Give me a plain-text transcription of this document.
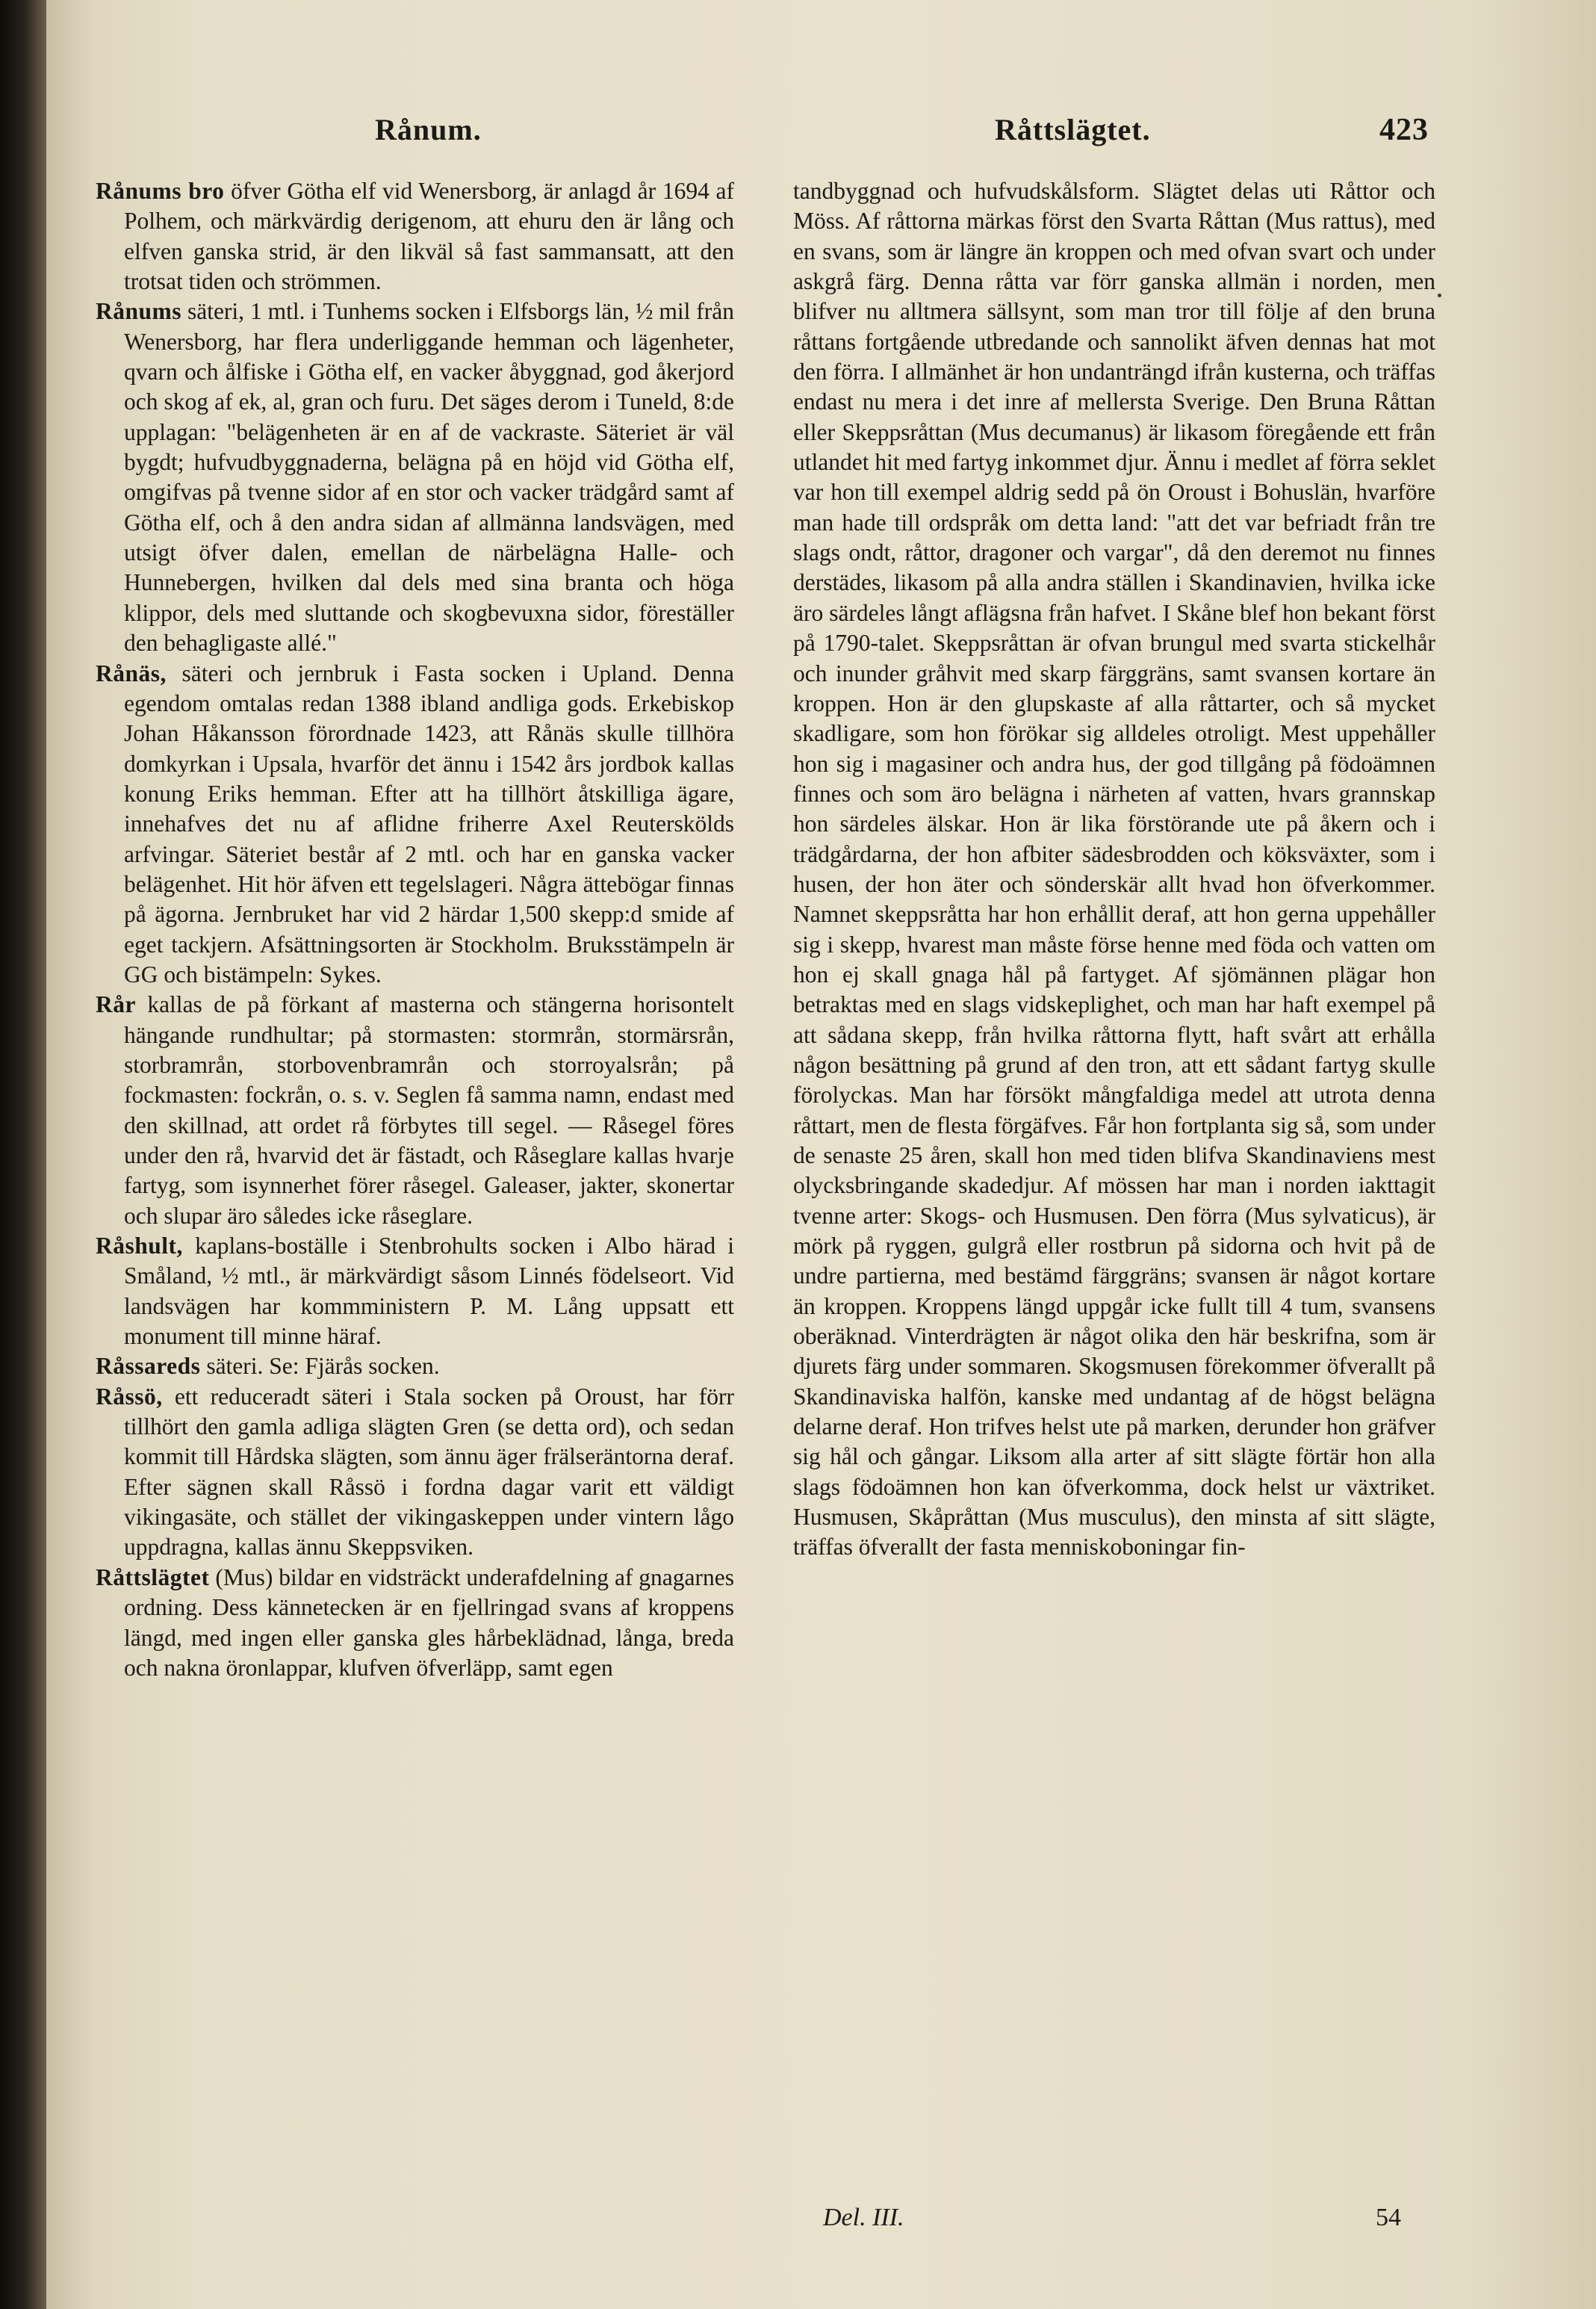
Rånum.	Råttslägtet.	423

Rånums bro öfver Götha elf vid Wenersborg, är anlagd år 1694 af Polhem, och märkvärdig derigenom, att ehuru den är lång och elfven ganska strid, är den likväl så fast sammansatt, att den trotsat tiden och strömmen.

Rånums säteri, 1 mtl. i Tunhems socken i Elfsborgs län, ½ mil från Wenersborg, har flera underliggande hemman och lägenheter, qvarn och ålfiske i Götha elf, en vacker åbyggnad, god åkerjord och skog af ek, al, gran och furu. Det säges derom i Tuneld, 8:de upplagan: "belägenheten är en af de vackraste. Säteriet är väl bygdt; hufvudbyggnaderna, belägna på en höjd vid Götha elf, omgifvas på tvenne sidor af en stor och vacker trädgård samt af Götha elf, och å den andra sidan af allmänna landsvägen, med utsigt öfver dalen, emellan de närbelägna Halle- och Hunnebergen, hvilken dal dels med sina branta och höga klippor, dels med sluttande och skogbevuxna sidor, föreställer den behagligaste allé."

Rånäs, säteri och jernbruk i Fasta socken i Upland. Denna egendom omtalas redan 1388 ibland andliga gods. Erkebiskop Johan Håkansson förordnade 1423, att Rånäs skulle tillhöra domkyrkan i Upsala, hvarför det ännu i 1542 års jordbok kallas konung Eriks hemman. Efter att ha tillhört åtskilliga ägare, innehafves det nu af aflidne friherre Axel Reuterskölds arfvingar. Säteriet består af 2 mtl. och har en ganska vacker belägenhet. Hit hör äfven ett tegelslageri. Några ättebögar finnas på ägorna. Jernbruket har vid 2 härdar 1,500 skepp:d smide af eget tackjern. Afsättningsorten är Stockholm. Bruksstämpeln är GG och bistämpeln: Sykes.

Rår kallas de på förkant af masterna och stängerna horisontelt hängande rundhultar; på stormasten: stormrån, stormärsrån, storbramrån, storbovenbramrån och storroyalsrån; på fockmasten: fockrån, o. s. v. Seglen få samma namn, endast med den skillnad, att ordet rå förbytes till segel. — Råsegel föres under den rå, hvarvid det är fästadt, och Råseglare kallas hvarje fartyg, som isynnerhet förer råsegel. Galeaser, jakter, skonertar och slupar äro således icke råseglare.

Råshult, kaplans-boställe i Stenbrohults socken i Albo härad i Småland, ½ mtl., är märkvärdigt såsom Linnés födelseort. Vid landsvägen har kommministern P. M. Lång uppsatt ett monument till minne häraf.

Råssareds säteri. Se: Fjärås socken.

Råssö, ett reduceradt säteri i Stala socken på Oroust, har förr tillhört den gamla adliga slägten Gren (se detta ord), och sedan kommit till Hårdska slägten, som ännu äger frälseräntorna deraf. Efter sägnen skall Råssö i fordna dagar varit ett väldigt vikingasäte, och stället der vikingaskeppen under vintern lågo uppdragna, kallas ännu Skeppsviken.

Råttslägtet (Mus) bildar en vidsträckt underafdelning af gnagarnes ordning. Dess kännetecken är en fjellringad svans af kroppens längd, med ingen eller ganska gles hårbeklädnad, långa, breda och nakna öronlappar, klufven öfverläpp, samt egen

tandbyggnad och hufvudskålsform. Slägtet delas uti Råttor och Möss. Af råttorna märkas först den Svarta Råttan (Mus rattus), med en svans, som är längre än kroppen och med ofvan svart och under askgrå färg. Denna råtta var förr ganska allmän i norden, men blifver nu alltmera sällsynt, som man tror till följe af den bruna råttans fortgående utbredande och sannolikt äfven dennas hat mot den förra. I allmänhet är hon undanträngd ifrån kusterna, och träffas endast nu mera i det inre af mellersta Sverige. Den Bruna Råttan eller Skeppsråttan (Mus decumanus) är likasom föregående ett från utlandet hit med fartyg inkommet djur. Ännu i medlet af förra seklet var hon till exempel aldrig sedd på ön Oroust i Bohuslän, hvarföre man hade till ordspråk om detta land: "att det var befriadt från tre slags ondt, råttor, dragoner och vargar", då den deremot nu finnes derstädes, likasom på alla andra ställen i Skandinavien, hvilka icke äro särdeles långt aflägsna från hafvet. I Skåne blef hon bekant först på 1790-talet. Skeppsråttan är ofvan brungul med svarta stickelhår och inunder gråhvit med skarp färggräns, samt svansen kortare än kroppen. Hon är den glupskaste af alla råttarter, och så mycket skadligare, som hon förökar sig alldeles otroligt. Mest uppehåller hon sig i magasiner och andra hus, der god tillgång på födoämnen finnes och som äro belägna i närheten af vatten, hvars grannskap hon särdeles älskar. Hon är lika förstörande ute på åkern och i trädgårdarna, der hon afbiter sädesbrodden och köksväxter, som i husen, der hon äter och sönderskär allt hvad hon öfverkommer. Namnet skeppsråtta har hon erhållit deraf, att hon gerna uppehåller sig i skepp, hvarest man måste förse henne med föda och vatten om hon ej skall gnaga hål på fartyget. Af sjömännen plägar hon betraktas med en slags vidskeplighet, och man har haft exempel på att sådana skepp, från hvilka råttorna flytt, haft svårt att erhålla någon besättning på grund af den tron, att ett sådant fartyg skulle förolyckas. Man har försökt mångfaldiga medel att utrota denna råttart, men de flesta förgäfves. Får hon fortplanta sig så, som under de senaste 25 åren, skall hon med tiden blifva Skandinaviens mest olycksbringande skadedjur. Af mössen har man i norden iakttagit tvenne arter: Skogs- och Husmusen. Den förra (Mus sylvaticus), är mörk på ryggen, gulgrå eller rostbrun på sidorna och hvit på de undre partierna, med bestämd färggräns; svansen är något kortare än kroppen. Kroppens längd uppgår icke fullt till 4 tum, svansens oberäknad. Vinterdrägten är något olika den här beskrifna, som är djurets färg under sommaren. Skogsmusen förekommer öfverallt på Skandinaviska halfön, kanske med undantag af de högst belägna delarne deraf. Hon trifves helst ute på marken, derunder hon gräfver sig hål och gångar. Liksom alla arter af sitt slägte förtär hon alla slags födoämnen hon kan öfverkomma, dock helst ur växtriket. Husmusen, Skåpråttan (Mus musculus), den minsta af sitt slägte, träffas öfverallt der fasta menniskoboningar fin-

Del. III.	54
